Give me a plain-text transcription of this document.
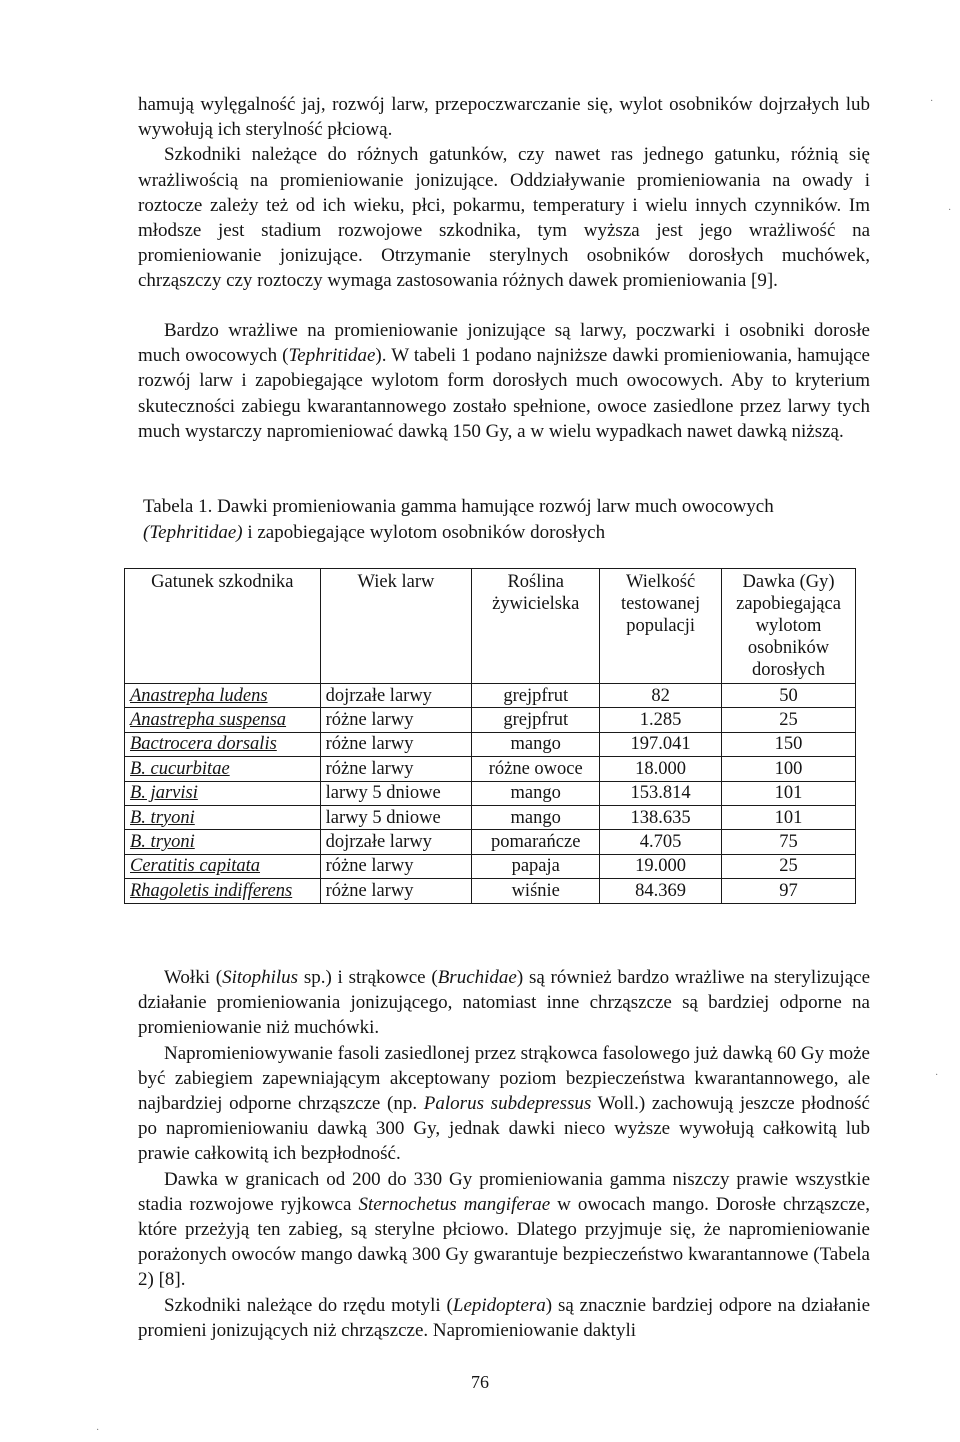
hamują wylęgalność jaj, rozwój larw, przepoczwarczanie się, wylot osobników dojrzałych lub wywołują ich sterylność płciową.
Szkodniki należące do różnych gatunków, czy nawet ras jednego gatunku, różnią się wrażliwością na promieniowanie jonizujące. Oddziaływanie promieniowania na owady i roztocze zależy też od ich wieku, płci, pokarmu, temperatury i wielu innych czynników. Im młodsze jest stadium rozwojowe szkodnika, tym wyższa jest jego wrażliwość na promieniowanie jonizujące. Otrzymanie sterylnych osobników dorosłych muchówek, chrząszczy czy roztoczy wymaga zastosowania różnych dawek promieniowania [9].

Bardzo wrażliwe na promieniowanie jonizujące są larwy, poczwarki i osobniki dorosłe much owocowych (Tephritidae). W tabeli 1 podano najniższe dawki promieniowania, hamujące rozwój larw i zapobiegające wylotom form dorosłych much owocowych. Aby to kryterium skuteczności zabiegu kwarantannowego zostało spełnione, owoce zasiedlone przez larwy tych much wystarczy napromieniować dawką 150 Gy, a w wielu wypadkach nawet dawką niższą.

Tabela 1. Dawki promieniowania gamma hamujące rozwój larw much owocowych
(Tephritidae) i zapobiegające wylotom osobników dorosłych

Gatunek szkodnika	Wiek larw	Roślina żywicielska	Wielkość testowanej populacji	Dawka (Gy) zapobiegająca wylotom osobników dorosłych
Anastrepha ludens	dojrzałe larwy	grejpfrut	82	50
Anastrepha suspensa	różne larwy	grejpfrut	1.285	25
Bactrocera dorsalis	różne larwy	mango	197.041	150
B. cucurbitae	różne larwy	różne owoce	18.000	100
B. jarvisi	larwy 5 dniowe	mango	153.814	101
B. tryoni	larwy 5 dniowe	mango	138.635	101
B. tryoni	dojrzałe larwy	pomarańcze	4.705	75
Ceratitis capitata	różne larwy	papaja	19.000	25
Rhagoletis indifferens	różne larwy	wiśnie	84.369	97

Wołki (Sitophilus sp.) i strąkowce (Bruchidae) są również bardzo wrażliwe na sterylizujące działanie promieniowania jonizującego, natomiast inne chrząszcze są bardziej odporne na promieniowanie niż muchówki.
Napromieniowywanie fasoli zasiedlonej przez strąkowca fasolowego już dawką 60 Gy może być zabiegiem zapewniającym akceptowany poziom bezpieczeństwa kwarantannowego, ale najbardziej odporne chrząszcze (np. Palorus subdepressus Woll.) zachowują jeszcze płodność po napromieniowaniu dawką 300 Gy, jednak dawki nieco wyższe wywołują całkowitą lub prawie całkowitą ich bezpłodność.
Dawka w granicach od 200 do 330 Gy promieniowania gamma niszczy prawie wszystkie stadia rozwojowe ryjkowca Sternochetus mangiferae w owocach mango. Dorosłe chrząszcze, które przeżyją ten zabieg, są sterylne płciowo. Dlatego przyjmuje się, że napromieniowanie porażonych owoców mango dawką 300 Gy gwarantuje bezpieczeństwo kwarantannowe (Tabela 2) [8].
Szkodniki należące do rzędu motyli (Lepidoptera) są znacznie bardziej odpore na działanie promieni jonizujących niż chrząszcze. Napromieniowanie daktyli

76
·
·
·
·
